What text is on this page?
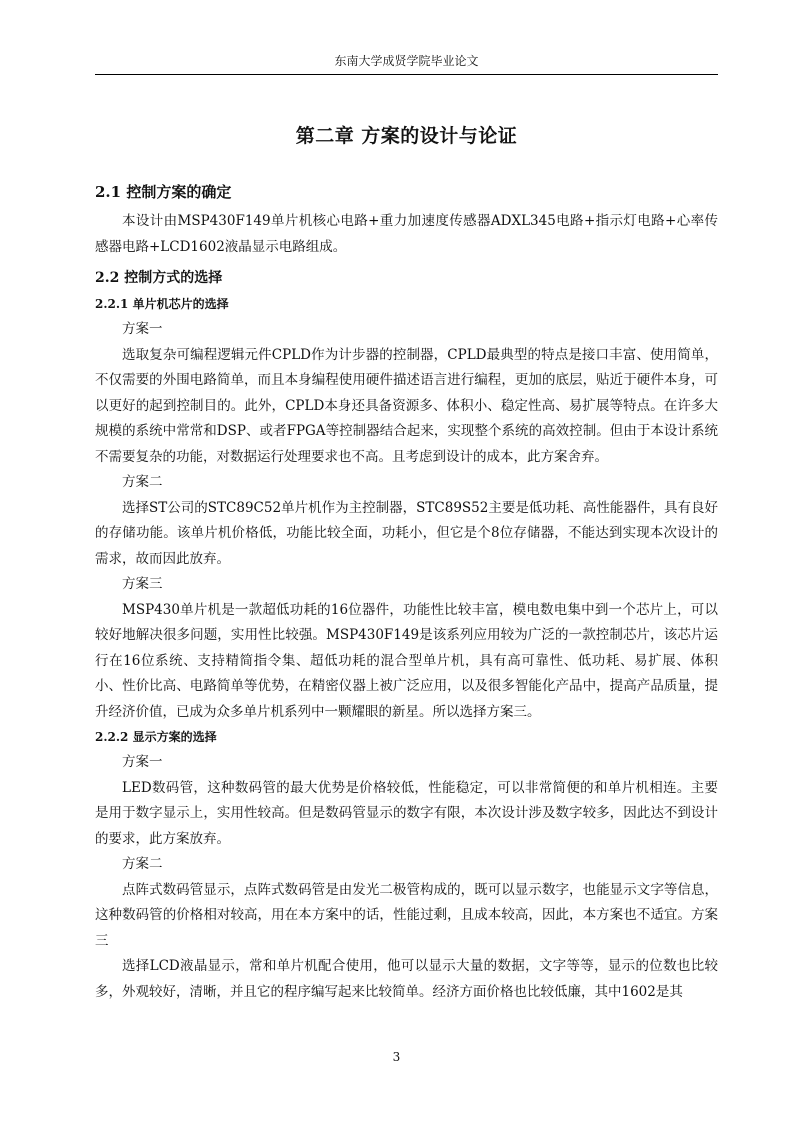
东南大学成贤学院毕业论文
第二章 方案的设计与论证
2.1 控制方案的确定

本设计由MSP430F149单片机核心电路+重力加速度传感器ADXL345电路+指示灯电路+心率传感器电路+LCD1602液晶显示电路组成。

2.2 控制方式的选择
2.2.1 单片机芯片的选择

方案一

选取复杂可编程逻辑元件CPLD作为计步器的控制器，CPLD最典型的特点是接口丰富、使用简单，不仅需要的外围电路简单，而且本身编程使用硬件描述语言进行编程，更加的底层，贴近于硬件本身，可以更好的起到控制目的。此外，CPLD本身还具备资源多、体积小、稳定性高、易扩展等特点。在许多大规模的系统中常常和DSP、或者FPGA等控制器结合起来，实现整个系统的高效控制。但由于本设计系统不需要复杂的功能，对数据运行处理要求也不高。且考虑到设计的成本，此方案舍弃。

方案二

选择ST公司的STC89C52单片机作为主控制器，STC89S52主要是低功耗、高性能器件，具有良好的存储功能。该单片机价格低，功能比较全面，功耗小，但它是个8位存储器，不能达到实现本次设计的需求，故而因此放弃。

方案三

MSP430单片机是一款超低功耗的16位器件，功能性比较丰富，模电数电集中到一个芯片上，可以较好地解决很多问题，实用性比较强。MSP430F149是该系列应用较为广泛的一款控制芯片，该芯片运行在16位系统、支持精简指令集、超低功耗的混合型单片机，具有高可靠性、低功耗、易扩展、体积小、性价比高、电路简单等优势，在精密仪器上被广泛应用，以及很多智能化产品中，提高产品质量，提升经济价值，已成为众多单片机系列中一颗耀眼的新星。所以选择方案三。

2.2.2 显示方案的选择

方案一

LED数码管，这种数码管的最大优势是价格较低，性能稳定，可以非常简便的和单片机相连。主要是用于数字显示上，实用性较高。但是数码管显示的数字有限，本次设计涉及数字较多，因此达不到设计的要求，此方案放弃。

方案二

点阵式数码管显示，点阵式数码管是由发光二极管构成的，既可以显示数字，也能显示文字等信息，这种数码管的价格相对较高，用在本方案中的话，性能过剩，且成本较高，因此，本方案也不适宜。方案三

选择LCD液晶显示，常和单片机配合使用，他可以显示大量的数据，文字等等，显示的位数也比较多，外观较好，清晰，并且它的程序编写起来比较简单。经济方面价格也比较低廉，其中1602是其

3
